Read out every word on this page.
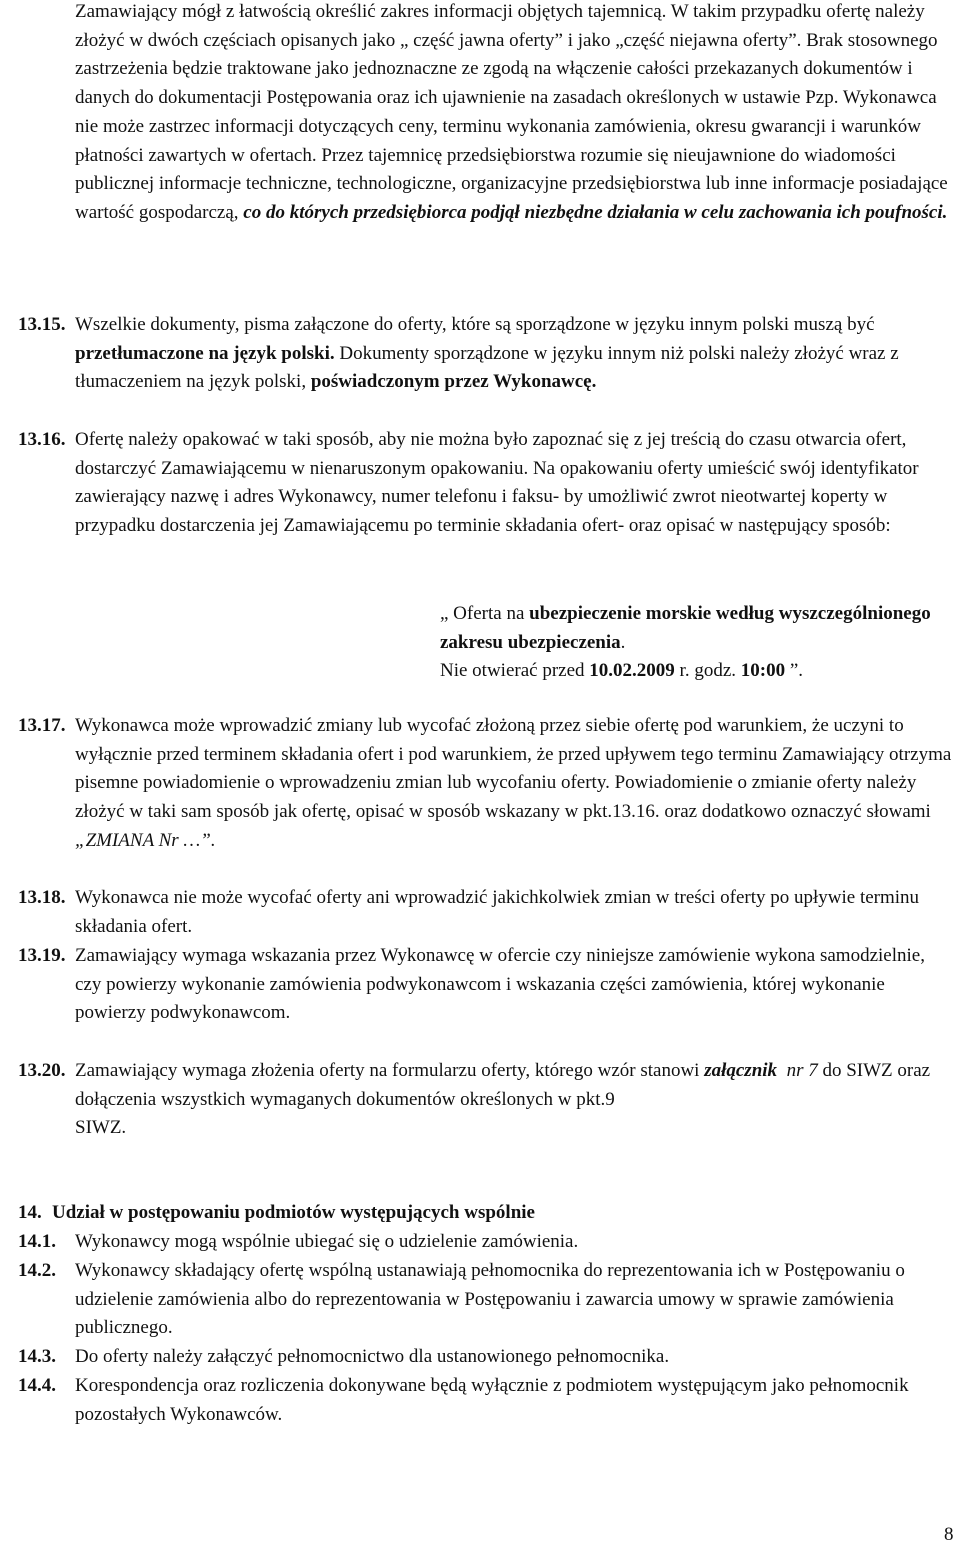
Zamawiający mógł z łatwością określić zakres informacji objętych tajemnicą. W takim przypadku ofertę należy złożyć w dwóch częściach opisanych jako „ część jawna oferty” i jako „część niejawna oferty”. Brak stosownego zastrzeżenia będzie traktowane jako jednoznaczne ze zgodą na włączenie całości przekazanych dokumentów i danych do dokumentacji Postępowania oraz ich ujawnienie na zasadach określonych w ustawie Pzp. Wykonawca nie może zastrzec informacji dotyczących ceny, terminu wykonania zamówienia, okresu gwarancji i warunków płatności zawartych w ofertach. Przez tajemnicę przedsiębiorstwa rozumie się nieujawnione do wiadomości publicznej informacje techniczne, technologiczne, organizacyjne przedsiębiorstwa lub inne informacje posiadające wartość gospodarczą, co do których przedsiębiorca podjął niezbędne działania w celu zachowania ich poufności.
13.15. Wszelkie dokumenty, pisma załączone do oferty, które są sporządzone w języku innym polski muszą być przetłumaczone na język polski. Dokumenty sporządzone w języku innym niż polski należy złożyć wraz z tłumaczeniem na język polski, poświadczonym przez Wykonawcę.
13.16. Ofertę należy opakować w taki sposób, aby nie można było zapoznać się z jej treścią do czasu otwarcia ofert, dostarczyć Zamawiającemu w nienaruszonym opakowaniu. Na opakowaniu oferty umieścić swój identyfikator zawierający nazwę i adres Wykonawcy, numer telefonu i faksu- by umożliwić zwrot nieotwartej koperty w przypadku dostarczenia jej Zamawiającemu po terminie składania ofert- oraz opisać w następujący sposób:
„ Oferta na ubezpieczenie morskie według wyszczególnionego zakresu ubezpieczenia.
Nie otwierać przed 10.02.2009 r. godz. 10:00 ”.
13.17. Wykonawca może wprowadzić zmiany lub wycofać złożoną przez siebie ofertę pod warunkiem, że uczyni to wyłącznie przed terminem składania ofert i pod warunkiem, że przed upływem tego terminu Zamawiający otrzyma pisemne powiadomienie o wprowadzeniu zmian lub wycofaniu oferty. Powiadomienie o zmianie oferty należy złożyć w taki sam sposób jak ofertę, opisać w sposób wskazany w pkt.13.16. oraz dodatkowo oznaczyć słowami „ZMIANA Nr …”.
13.18. Wykonawca nie może wycofać oferty ani wprowadzić jakichkolwiek zmian w treści oferty po upływie terminu składania ofert.
13.19. Zamawiający wymaga wskazania przez Wykonawcę w ofercie czy niniejsze zamówienie wykona samodzielnie, czy powierzy wykonanie zamówienia podwykonawcom i wskazania części zamówienia, której wykonanie powierzy podwykonawcom.
13.20. Zamawiający wymaga złożenia oferty na formularzu oferty, którego wzór stanowi załącznik nr 7 do SIWZ oraz dołączenia wszystkich wymaganych dokumentów określonych w pkt.9
SIWZ.
14. Udział w postępowaniu podmiotów występujących wspólnie
14.1. Wykonawcy mogą wspólnie ubiegać się o udzielenie zamówienia.
14.2. Wykonawcy składający ofertę wspólną ustanawiają pełnomocnika do reprezentowania ich w Postępowaniu o udzielenie zamówienia albo do reprezentowania w Postępowaniu i zawarcia umowy w sprawie zamówienia publicznego.
14.3. Do oferty należy załączyć pełnomocnictwo dla ustanowionego pełnomocnika.
14.4. Korespondencja oraz rozliczenia dokonywane będą wyłącznie z podmiotem występującym jako pełnomocnik pozostałych Wykonawców.
8
